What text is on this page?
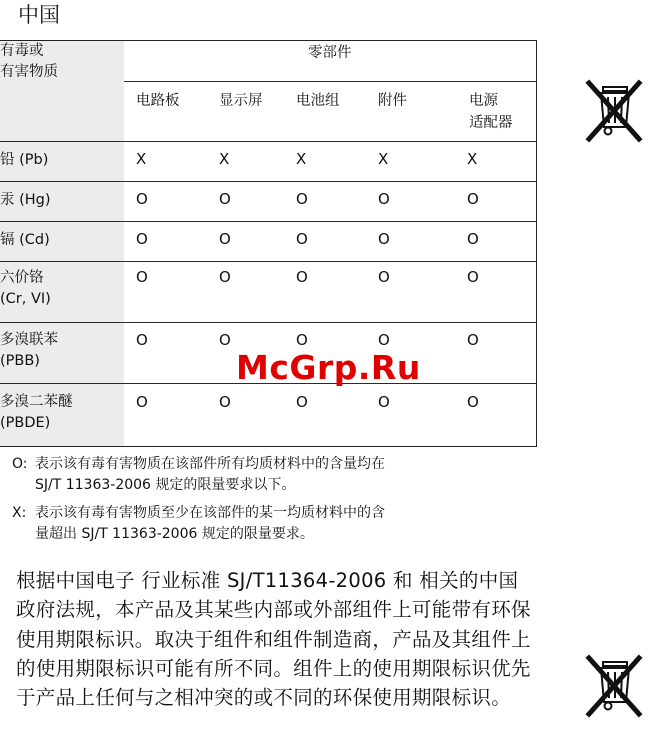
中国
有毒或
有害物质	零部件				

	电路板	显示屏	电池组	附件	电源
适配器

铅 (Pb)	X	X	X	X	X

汞 (Hg)	O	O	O	O	O

镉 (Cd)	O	O	O	O	O

六价铬
(Cr, VI)	O	O	O	O	O

多溴联苯
(PBB)	O	O	O	O	O

多溴二苯醚
(PBDE)	O	O	O	O	O
O: 表示该有毒有害物质在该部件所有均质材料中的含量均在
SJ/T 11363-2006 规定的限量要求以下。
X: 表示该有毒有害物质至少在该部件的某一均质材料中的含
量超出 SJ/T 11363-2006 规定的限量要求。
根据中国电子 行业标准 SJ/T11364-2006 和 相关的中国政府法规，本产品及其某些内部或外部组件上可能带有环保使用期限标识。取决于组件和组件制造商，产品及其组件上的使用期限标识可能有所不同。组件上的使用期限标识优先于产品上任何与之相冲突的或不同的环保使用期限标识。
McGrp.Ru
